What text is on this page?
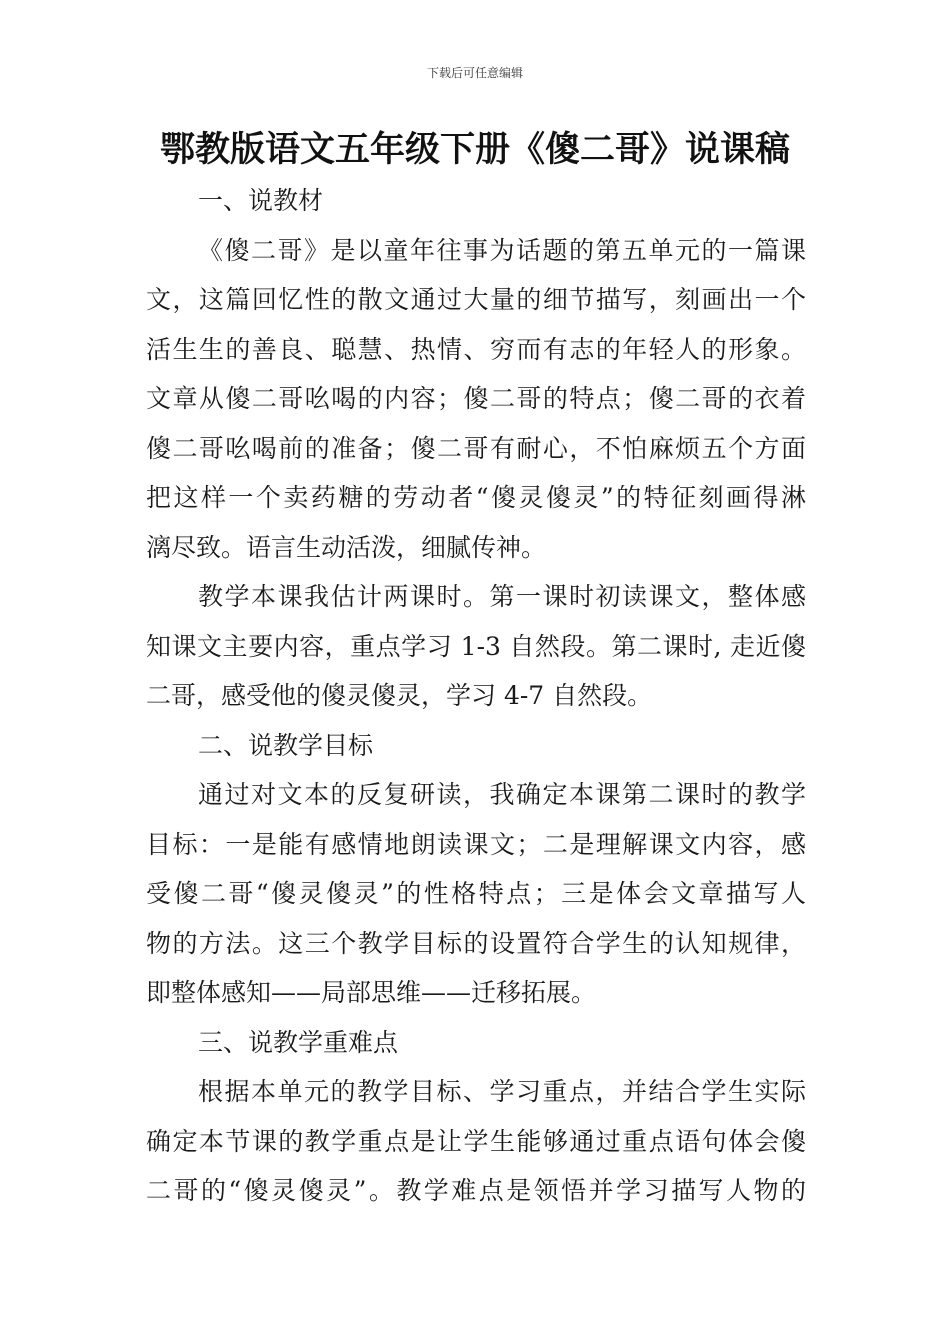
下载后可任意编辑
鄂教版语文五年级下册《傻二哥》说课稿
一、说教材
《傻二哥》是以童年往事为话题的第五单元的一篇课
文，这篇回忆性的散文通过大量的细节描写，刻画出一个
活生生的善良、聪慧、热情、穷而有志的年轻人的形象。
文章从傻二哥吆喝的内容；傻二哥的特点；傻二哥的衣着
傻二哥吆喝前的准备；傻二哥有耐心，不怕麻烦五个方面
把这样一个卖药糖的劳动者“傻灵傻灵”的特征刻画得淋
漓尽致。语言生动活泼，细腻传神。
教学本课我估计两课时。第一课时初读课文，整体感
知课文主要内容，重点学习 1-3 自然段。第二课时, 走近傻
二哥，感受他的傻灵傻灵，学习 4-7 自然段。
二、说教学目标
通过对文本的反复研读，我确定本课第二课时的教学
目标：一是能有感情地朗读课文；二是理解课文内容，感
受傻二哥“傻灵傻灵”的性格特点；三是体会文章描写人
物的方法。这三个教学目标的设置符合学生的认知规律，
即整体感知——局部思维——迁移拓展。
三、说教学重难点
根据本单元的教学目标、学习重点，并结合学生实际
确定本节课的教学重点是让学生能够通过重点语句体会傻
二哥的“傻灵傻灵”。教学难点是领悟并学习描写人物的
